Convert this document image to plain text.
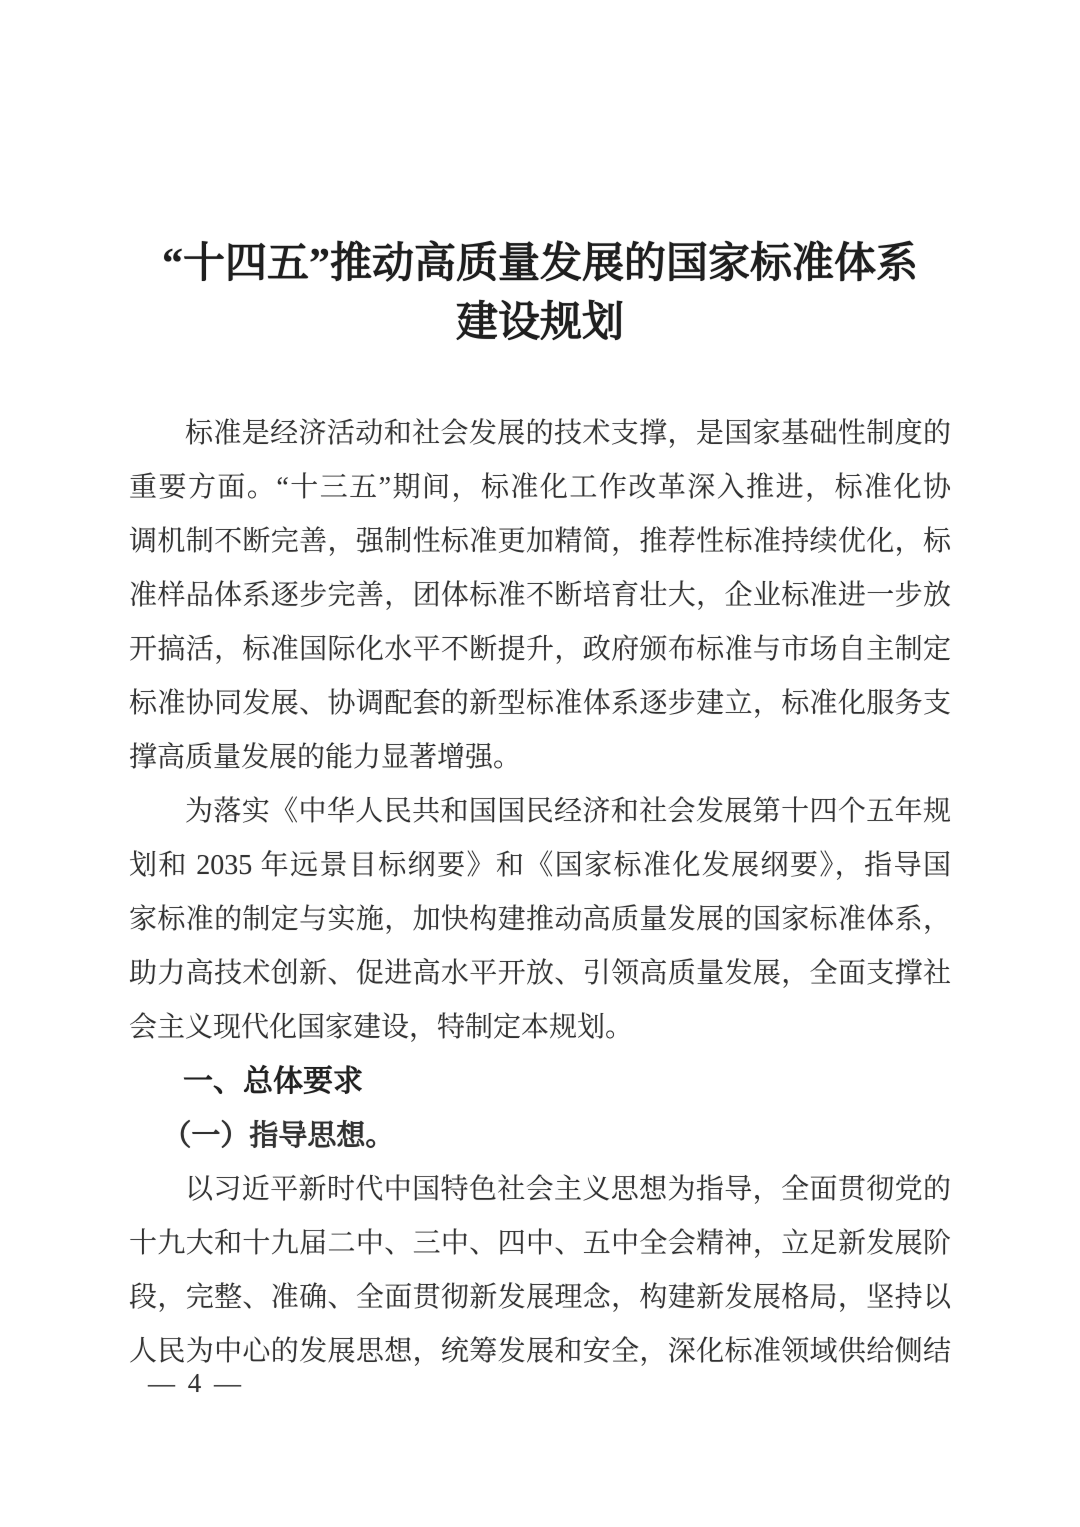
“十四五”推动高质量发展的国家标准体系
建设规划
标准是经济活动和社会发展的技术支撑，是国家基础性制度的
重要方面。“十三五”期间，标准化工作改革深入推进，标准化协
调机制不断完善，强制性标准更加精简，推荐性标准持续优化，标
准样品体系逐步完善，团体标准不断培育壮大，企业标准进一步放
开搞活，标准国际化水平不断提升，政府颁布标准与市场自主制定
标准协同发展、协调配套的新型标准体系逐步建立，标准化服务支
撑高质量发展的能力显著增强。
为落实《中华人民共和国国民经济和社会发展第十四个五年规
划和 2035 年远景目标纲要》和《国家标准化发展纲要》，指导国
家标准的制定与实施，加快构建推动高质量发展的国家标准体系，
助力高技术创新、促进高水平开放、引领高质量发展，全面支撑社
会主义现代化国家建设，特制定本规划。
一、总体要求
（一）指导思想。
以习近平新时代中国特色社会主义思想为指导，全面贯彻党的
十九大和十九届二中、三中、四中、五中全会精神，立足新发展阶
段，完整、准确、全面贯彻新发展理念，构建新发展格局，坚持以
人民为中心的发展思想，统筹发展和安全，深化标准领域供给侧结
— 4 —
